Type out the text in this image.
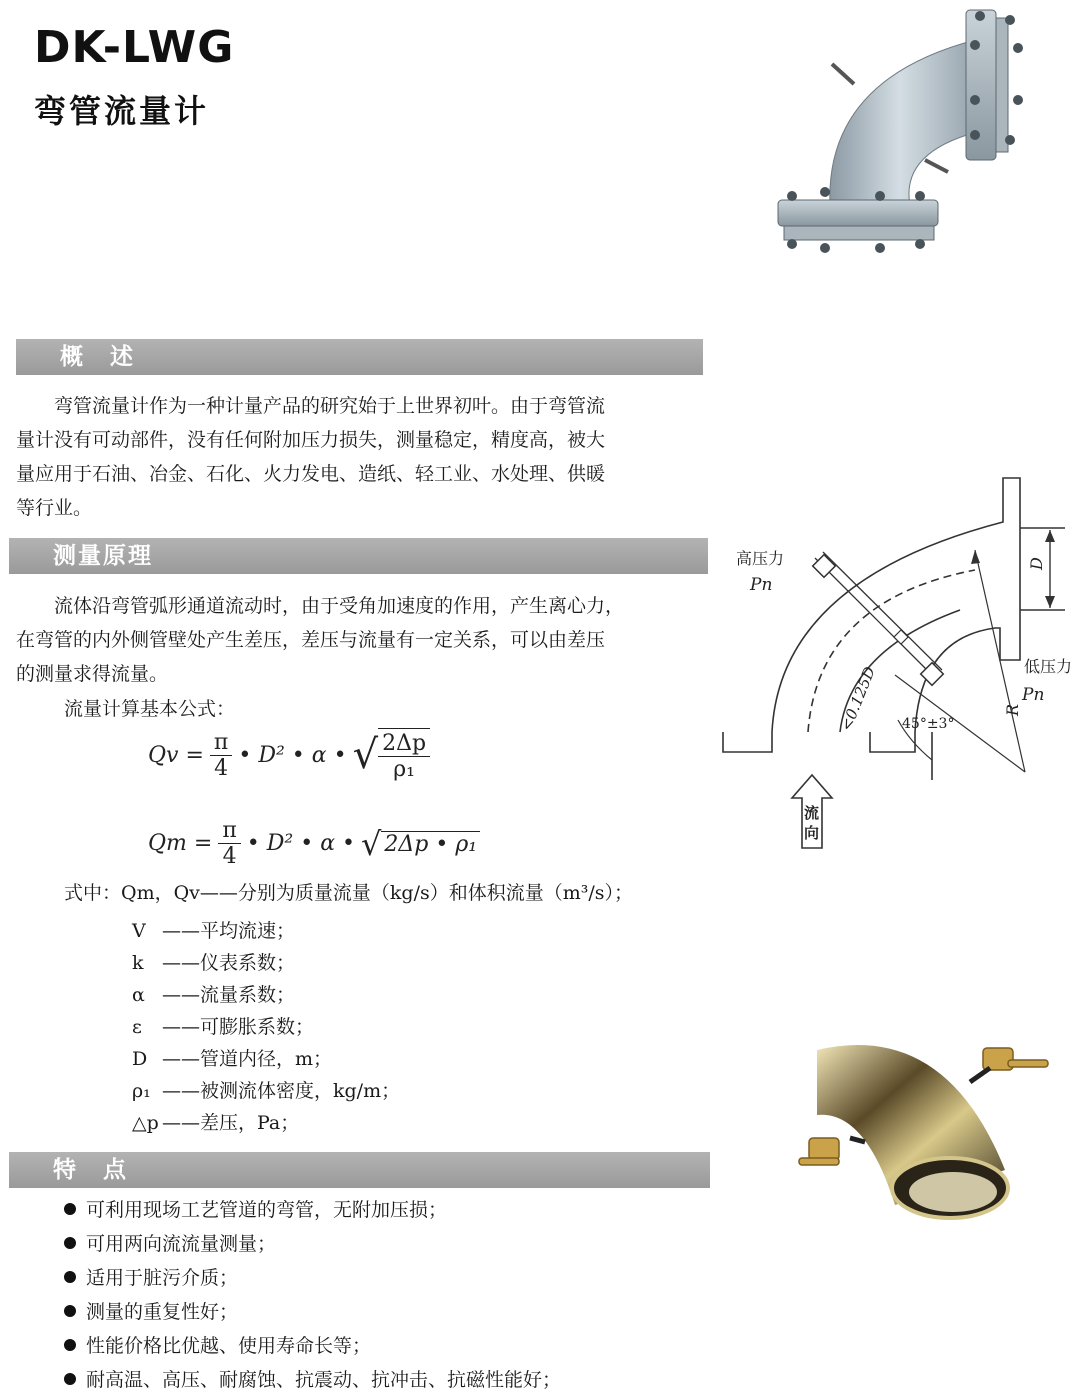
DK-LWG
弯管流量计
概　述

　　弯管流量计作为一种计量产品的研究始于上世界初叶。由于弯管流

量计没有可动部件，没有任何附加压力损失，测量稳定，精度高，被大

量应用于石油、冶金、石化、火力发电、造纸、轻工业、水处理、供暖

等行业。

测量原理

　　流体沿弯管弧形通道流动时，由于受角加速度的作用，产生离心力，

在弯管的内外侧管壁处产生差压，差压与流量有一定关系，可以由差压

的测量求得流量。

流量计算基本公式：
$Qv = \frac{\pi}{4}$ • D² • α • √ $\frac{2\Delta p}{\text{ρ₁}}$
$Qm = \frac{\pi}{4}$ • D² • α • √ 2Δp • ρ₁
式中：Qm，Qv——分别为质量流量（kg/s）和体积流量（m³/s）；
V ——平均流速；
k ——仪表系数；
α ——流量系数；
ε ——可膨胀系数；
D ——管道内径，m；
ρ₁ ——被测流体密度，kg/m；
△p ——差压，Pa；
特　点
可利用现场工艺管道的弯管，无附加压损；
可用两向流流量测量；
适用于脏污介质；
测量的重复性好；
性能价格比优越、使用寿命长等；
耐高温、高压、耐腐蚀、抗震动、抗冲击、抗磁性能好；
高压力
Pn
低压力
Pn
D
R
<0.125D 45°±3°
流
向
